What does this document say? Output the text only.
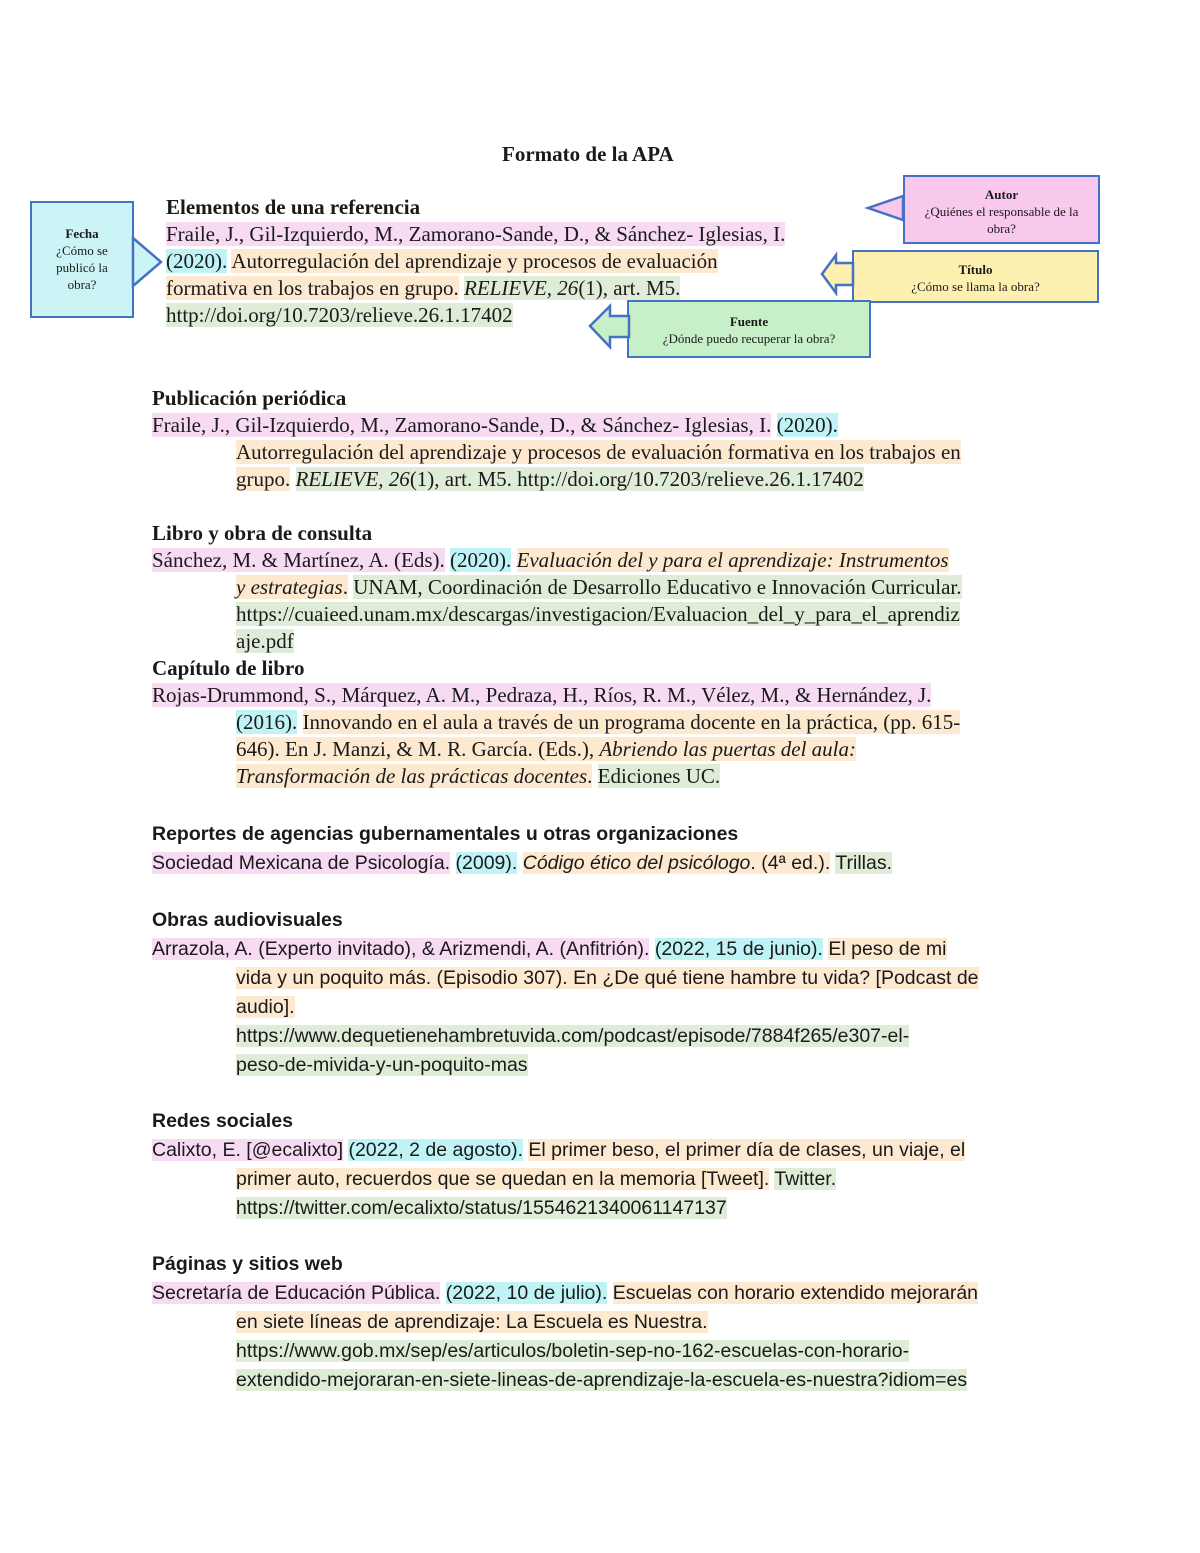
Formato de la APA
Elementos de una referencia
Fraile, J., Gil-Izquierdo, M., Zamorano-Sande, D., & Sánchez- Iglesias, I.
(2020). Autorregulación del aprendizaje y procesos de evaluación
formativa en los trabajos en grupo. RELIEVE, 26(1), art. M5.
http://doi.org/10.7203/relieve.26.1.17402
Fecha
¿Cómo se publicó la obra?
Autor
¿Quiénes el responsable de la obra?
Título
¿Cómo se llama la obra?
Fuente
¿Dónde puedo recuperar la obra?
Publicación periódica
Fraile, J., Gil-Izquierdo, M., Zamorano-Sande, D., & Sánchez- Iglesias, I. (2020).
Autorregulación del aprendizaje y procesos de evaluación formativa en los trabajos en
grupo. RELIEVE, 26(1), art. M5. http://doi.org/10.7203/relieve.26.1.17402
Libro y obra de consulta
Sánchez, M. & Martínez, A. (Eds). (2020). Evaluación del y para el aprendizaje: Instrumentos
y estrategias. UNAM, Coordinación de Desarrollo Educativo e Innovación Curricular.
https://cuaieed.unam.mx/descargas/investigacion/Evaluacion_del_y_para_el_aprendiz
aje.pdf
Capítulo de libro
Rojas-Drummond, S., Márquez, A. M., Pedraza, H., Ríos, R. M., Vélez, M., & Hernández, J.
(2016). Innovando en el aula a través de un programa docente en la práctica, (pp. 615-
646). En J. Manzi, & M. R. García. (Eds.), Abriendo las puertas del aula:
Transformación de las prácticas docentes. Ediciones UC.
Reportes de agencias gubernamentales u otras organizaciones
Sociedad Mexicana de Psicología. (2009). Código ético del psicólogo. (4ª ed.). Trillas.
Obras audiovisuales
Arrazola, A. (Experto invitado), & Arizmendi, A. (Anfitrión). (2022, 15 de junio). El peso de mi
vida y un poquito más. (Episodio 307). En ¿De qué tiene hambre tu vida? [Podcast de
audio].
https://www.dequetienehambretuvida.com/podcast/episode/7884f265/e307-el-
peso-de-mivida-y-un-poquito-mas
Redes sociales
Calixto, E. [@ecalixto] (2022, 2 de agosto). El primer beso, el primer día de clases, un viaje, el
primer auto, recuerdos que se quedan en la memoria [Tweet]. Twitter.
https://twitter.com/ecalixto/status/1554621340061147137
Páginas y sitios web
Secretaría de Educación Pública. (2022, 10 de julio). Escuelas con horario extendido mejorarán
en siete líneas de aprendizaje: La Escuela es Nuestra.
https://www.gob.mx/sep/es/articulos/boletin-sep-no-162-escuelas-con-horario-
extendido-mejoraran-en-siete-lineas-de-aprendizaje-la-escuela-es-nuestra?idiom=es
